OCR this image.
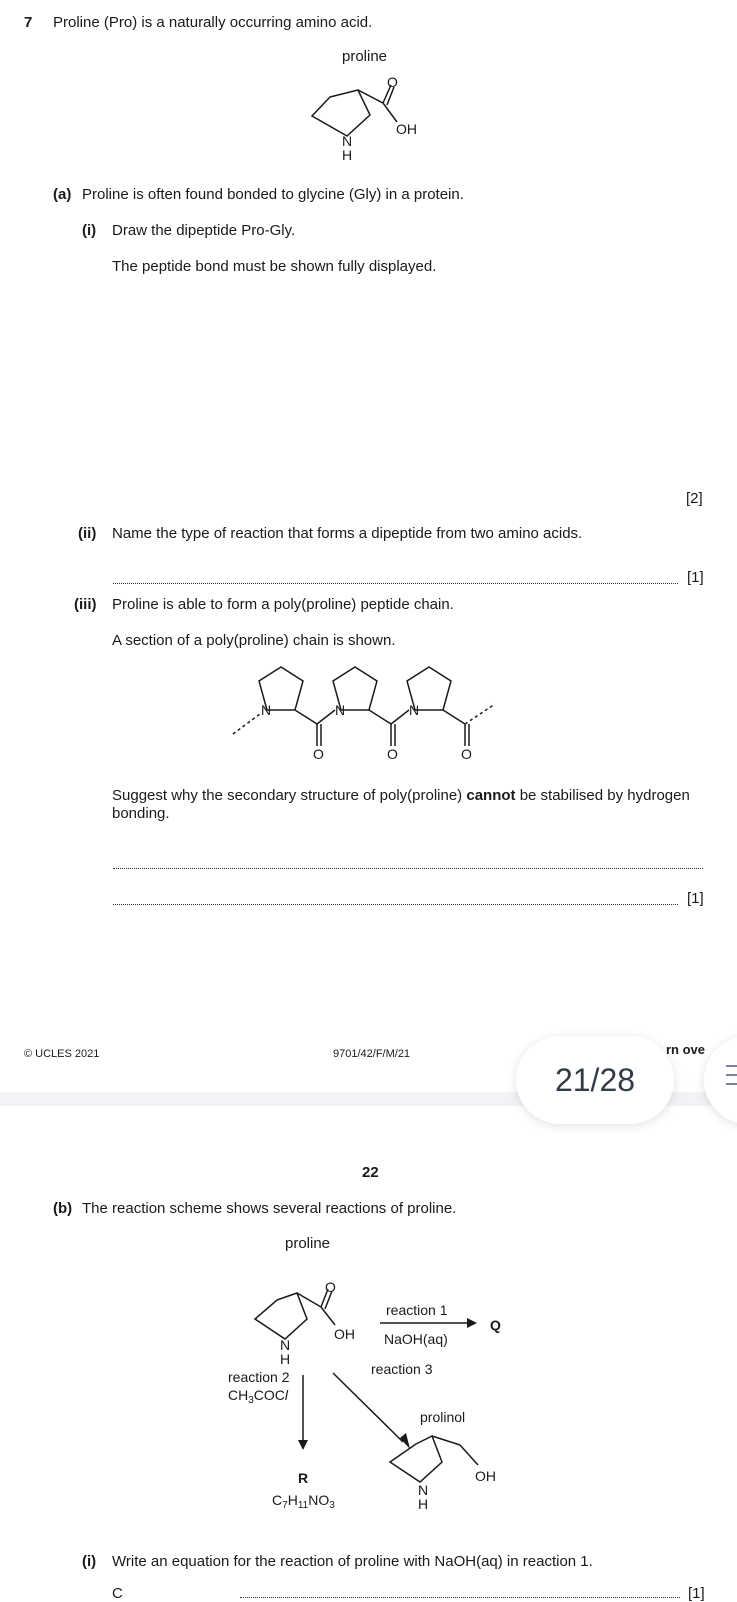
7 Proline (Pro) is a naturally occurring amino acid.
proline
O
OH
N
H
(a) Proline is often found bonded to glycine (Gly) in a protein.
(i) Draw the dipeptide Pro-Gly.
The peptide bond must be shown fully displayed.
[2]
(ii) Name the type of reaction that forms a dipeptide from two amino acids.
[1]
(iii) Proline is able to form a poly(proline) peptide chain.
A section of a poly(proline) chain is shown.
N	N	N
O	O	O
Suggest why the secondary structure of poly(proline) cannot be stabilised by hydrogen
bonding.
[1]
© UCLES 2021	9701/42/F/M/21	rn ove
21/28
22
(b) The reaction scheme shows several reactions of proline.
proline
O
OH
N
H
reaction 1
NaOH(aq)
Q
reaction 2
$CH_3COCl$
reaction 3
R
$C_7H_{11}NO_3$
prolinol
OH
N
H
(i) Write an equation for the reaction of proline with NaOH(aq) in reaction 1.
C	[1]
